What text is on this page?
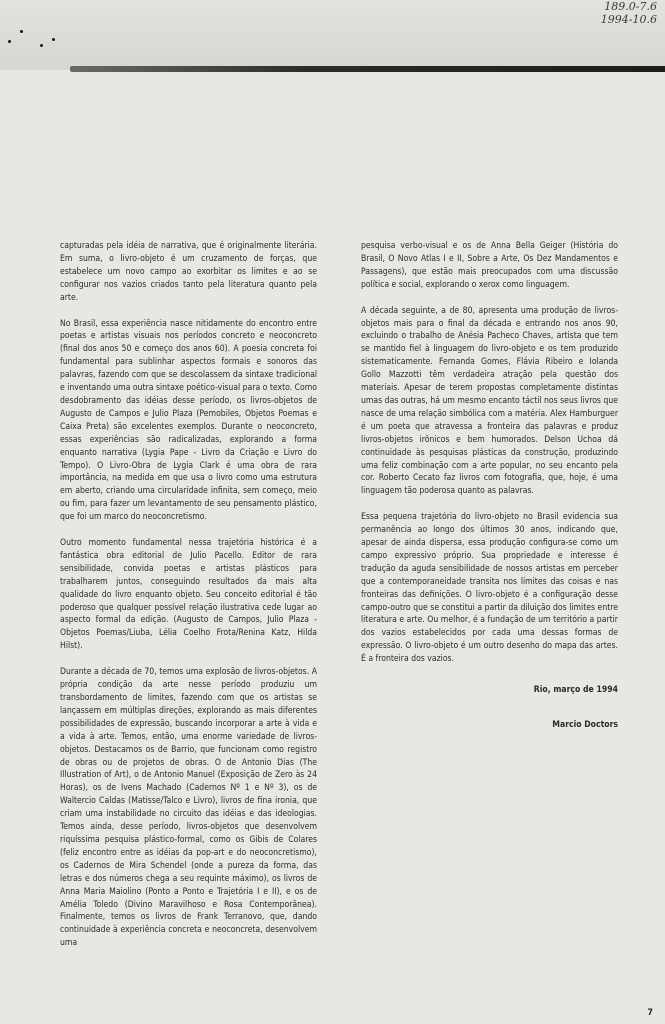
189.0-7.6
1994-10.6

capturadas pela idéia de narrativa, que é originalmente literária. Em suma, o livro-objeto é um cruzamento de forças, que estabelece um novo campo ao exorbitar os limites e ao se configurar nos vazios criados tanto pela literatura quanto pela arte.

No Brasil, essa experiência nasce nitidamente do encontro entre poetas e artistas visuais nos períodos concreto e neoconcreto (final dos anos 50 e começo dos anos 60). A poesia concreta foi fundamental para sublinhar aspectos formais e sonoros das palavras, fazendo com que se descolassem da sintaxe tradicional e inventando uma outra sintaxe poético-visual para o texto. Como desdobramento das idéias desse período, os livros-objetos de Augusto de Campos e Julio Plaza (Pemobiles, Objetos Poemas e Caixa Preta) são excelentes exemplos. Durante o neoconcreto, essas experiências são radicalizadas, explorando a forma enquanto narrativa (Lygia Pape - Livro da Criação e Livro do Tempo). O Livro-Obra de Lygia Clark é uma obra de rara importância, na medida em que usa o livro como uma estrutura em aberto, criando uma circularidade infinita, sem começo, meio ou fim, para fazer um levantamento de seu pensamento plástico, que foi um marco do neoconcretismo.

Outro momento fundamental nessa trajetória histórica é a fantástica obra editorial de Julio Pacello. Editor de rara sensibilidade, convida poetas e artistas plásticos para trabalharem juntos, conseguindo resultados da mais alta qualidade do livro enquanto objeto. Seu conceito editorial é tão poderoso que qualquer possível relação ilustrativa cede lugar ao aspecto formal da edição. (Augusto de Campos, Julio Plaza - Objetos Poemas/Liuba, Lélia Coelho Frota/Renina Katz, Hilda Hilst).

Durante a década de 70, temos uma explosão de livros-objetos. A própria condição da arte nesse período produziu um transbordamento de limites, fazendo com que os artistas se lançassem em múltiplas direções, explorando as mais diferentes possibilidades de expressão, buscando incorporar a arte à vida e a vida à arte. Temos, então, uma enorme variedade de livros-objetos. Destacamos os de Barrio, que funcionam como registro de obras ou de projetos de obras. O de Antonio Dias (The Illustration of Art), o de Antonio Manuel (Exposição de Zero às 24 Horas), os de Ivens Machado (Cadernos Nº 1 e Nº 3), os de Waltercio Caldas (Matisse/Talco e Livro), livros de fina ironia, que criam uma instabilidade no circuito das idéias e das ideologias. Temos ainda, desse período, livros-objetos que desenvolvem riquíssima pesquisa plástico-formal, como os Gibis de Colares (feliz encontro entre as idéias da pop-art e do neoconcretismo), os Cadernos de Mira Schendel (onde a pureza da forma, das letras e dos números chega a seu requinte máximo), os livros de Anna Maria Maiolino (Ponto a Ponto e Trajetória I e II), e os de Amélia Toledo (Divino Maravilhoso e Rosa Contemporânea). Finalmente, temos os livros de Frank Terranovo, que, dando continuidade à experiência concreta e neoconcreta, desenvolvem uma

pesquisa verbo-visual e os de Anna Bella Geiger (História do Brasil, O Novo Atlas I e II, Sobre a Arte, Os Dez Mandamentos e Passagens), que estão mais preocupados com uma discussão política e social, explorando o xerox como linguagem.

A década seguinte, a de 80, apresenta uma produção de livros-objetos mais para o final da década e entrando nos anos 90, excluindo o trabalho de Anésia Pacheco Chaves, artista que tem se mantido fiel à linguagem do livro-objeto e os tem produzido sistematicamente. Fernanda Gomes, Flávia Ribeiro e Iolanda Gollo Mazzotti têm verdadeira atração pela questão dos materiais. Apesar de terem propostas completamente distintas umas das outras, há um mesmo encanto táctil nos seus livros que nasce de uma relação simbólica com a matéria. Alex Hamburguer é um poeta que atravessa a fronteira das palavras e produz livros-objetos irônicos e bem humorados. Delson Uchoa dá continuidade às pesquisas plásticas da construção, produzindo uma feliz combinação com a arte popular, no seu encanto pela cor. Roberto Cecato faz livros com fotografia, que, hoje, é uma linguagem tão poderosa quanto as palavras.

Essa pequena trajetória do livro-objeto no Brasil evidencia sua permanência ao longo dos últimos 30 anos, indicando que, apesar de ainda dispersa, essa produção configura-se como um campo expressivo próprio. Sua propriedade e interesse é tradução da aguda sensibilidade de nossos artistas em perceber que a contemporaneidade transita nos limites das coisas e nas fronteiras das definições. O livro-objeto é a configuração desse campo-outro que se constitui a partir da diluição dos limites entre literatura e arte. Ou melhor, é a fundação de um território a partir dos vazios estabelecidos por cada uma dessas formas de expressão. O livro-objeto é um outro desenho do mapa das artes. É a fronteira dos vazios.

Rio, março de 1994

Marcio Doctors

7
